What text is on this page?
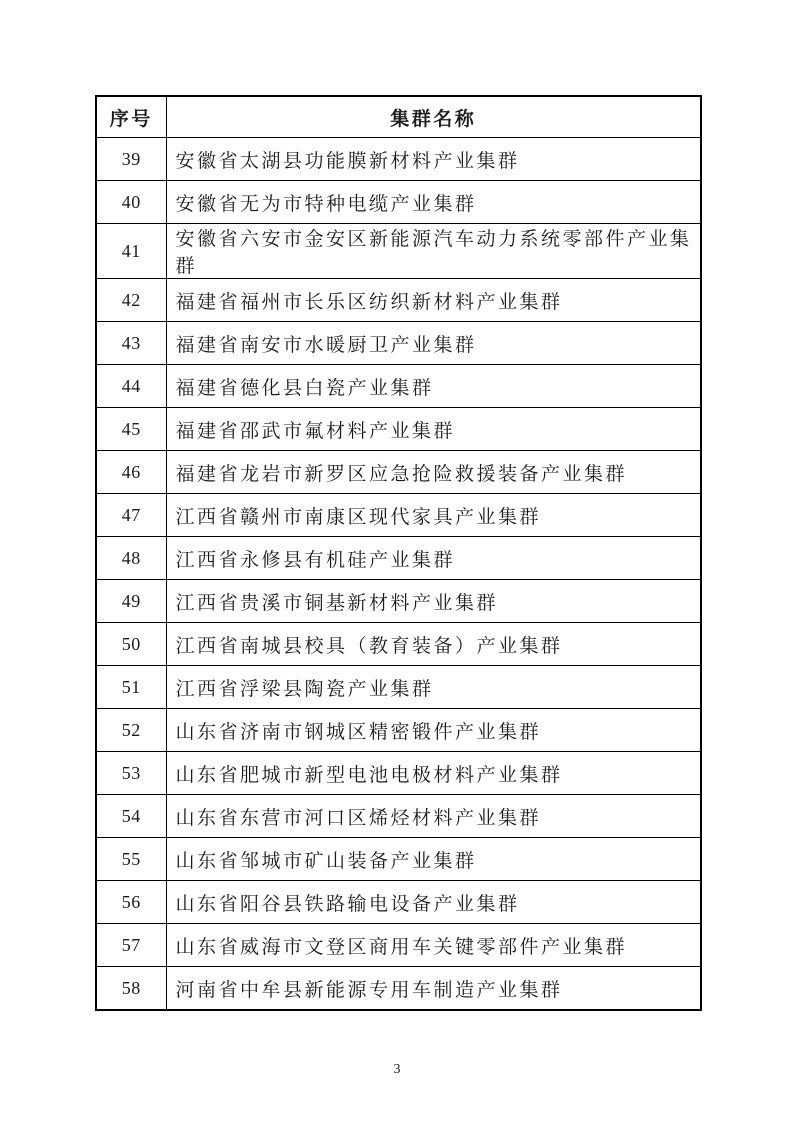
序号	集群名称
39	安徽省太湖县功能膜新材料产业集群
40	安徽省无为市特种电缆产业集群
41	安徽省六安市金安区新能源汽车动力系统零部件产业集群
42	福建省福州市长乐区纺织新材料产业集群
43	福建省南安市水暖厨卫产业集群
44	福建省德化县白瓷产业集群
45	福建省邵武市氟材料产业集群
46	福建省龙岩市新罗区应急抢险救援装备产业集群
47	江西省赣州市南康区现代家具产业集群
48	江西省永修县有机硅产业集群
49	江西省贵溪市铜基新材料产业集群
50	江西省南城县校具（教育装备）产业集群
51	江西省浮梁县陶瓷产业集群
52	山东省济南市钢城区精密锻件产业集群
53	山东省肥城市新型电池电极材料产业集群
54	山东省东营市河口区烯烃材料产业集群
55	山东省邹城市矿山装备产业集群
56	山东省阳谷县铁路输电设备产业集群
57	山东省威海市文登区商用车关键零部件产业集群
58	河南省中牟县新能源专用车制造产业集群
3
